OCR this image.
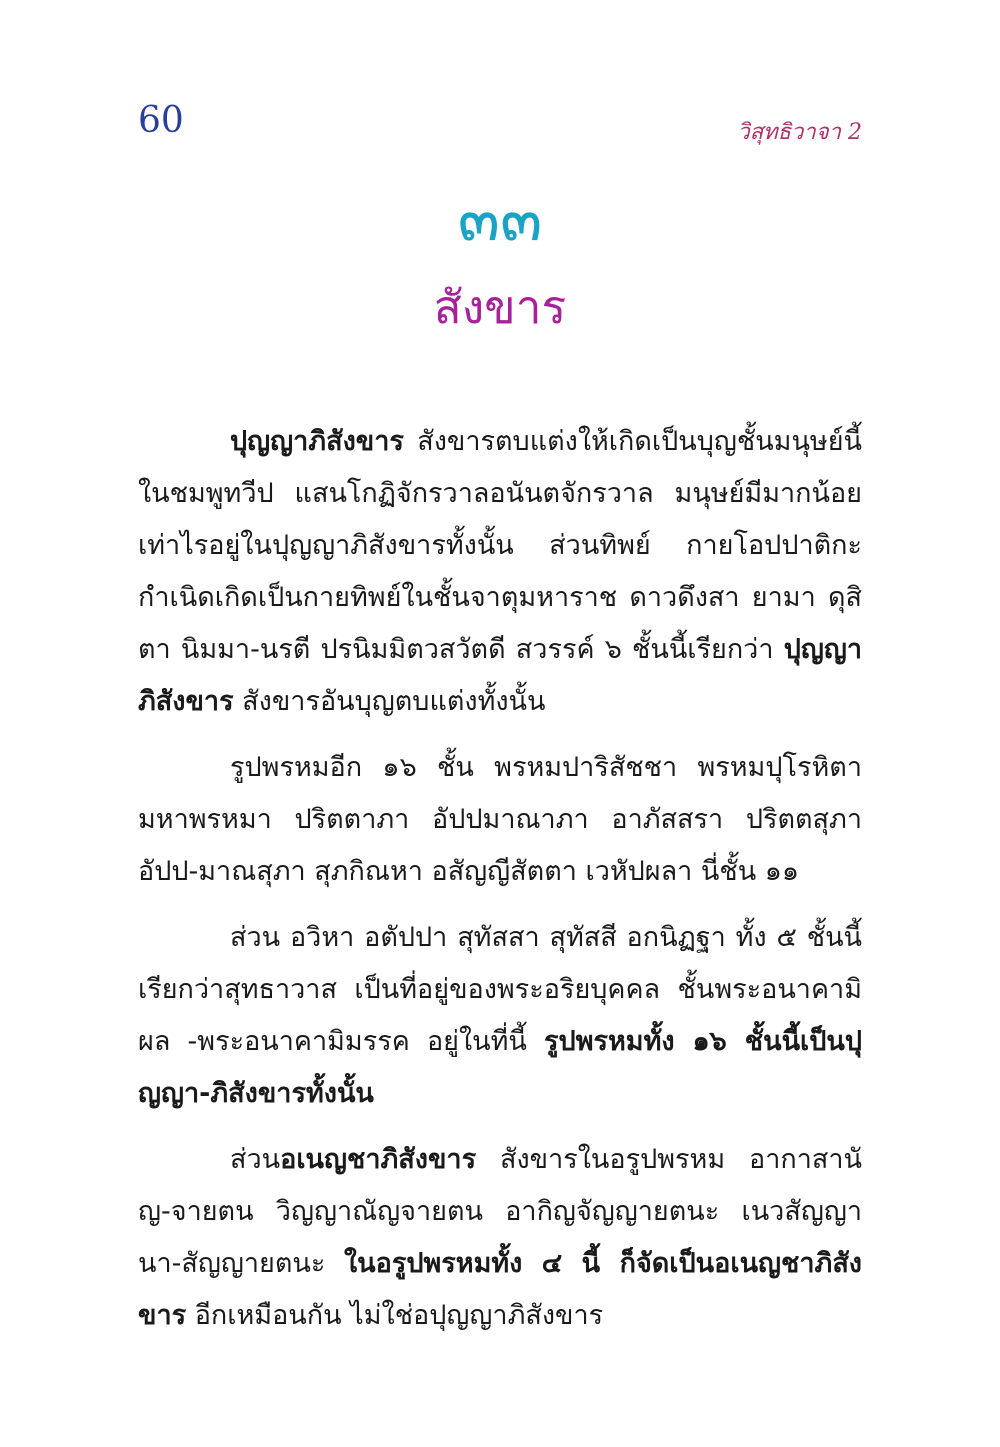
60	วิสุทธิวาจา 2
๓๓
สังขาร

ปุญญาภิสังขาร สังขารตบแต่งให้เกิดเป็นบุญชั้นมนุษย์นี้ ในชมพูทวีป แสนโกฏิจักรวาลอนันตจักรวาล มนุษย์มีมากน้อยเท่าไรอยู่ในปุญญาภิสังขารทั้งนั้น ส่วนทิพย์ กายโอปปาติกะ กำเนิดเกิดเป็นกายทิพย์ในชั้นจาตุมหาราช ดาวดึงสา ยามา ดุสิตา นิมมา-นรตี ปรนิมมิตวสวัตดี สวรรค์ ๖ ชั้นนี้เรียกว่า ปุญญาภิสังขาร สังขารอันบุญตบแต่งทั้งนั้น

รูปพรหมอีก ๑๖ ชั้น พรหมปาริสัชชา พรหมปุโรหิตา มหาพรหมา ปริตตาภา อัปปมาณาภา อาภัสสรา ปริตตสุภา อัปป-มาณสุภา สุภกิณหา อสัญญีสัตตา เวหัปผลา นี่ชั้น ๑๑

ส่วน อวิหา อตัปปา สุทัสสา สุทัสสี อกนิฏฐา ทั้ง ๕ ชั้นนี้ เรียกว่าสุทธาวาส เป็นที่อยู่ของพระอริยบุคคล ชั้นพระอนาคามิผล -พระอนาคามิมรรค อยู่ในที่นี้ รูปพรหมทั้ง ๑๖ ชั้นนี้เป็นปุญญา-ภิสังขารทั้งนั้น

ส่วนอเนญชาภิสังขาร สังขารในอรูปพรหม อากาสานัญ-จายตน วิญญาณัญจายตน อากิญจัญญายตนะ เนวสัญญานา-สัญญายตนะ ในอรูปพรหมทั้ง ๔ นี้ ก็จัดเป็นอเนญชาภิสังขาร อีกเหมือนกัน ไม่ใช่อปุญญาภิสังขาร
